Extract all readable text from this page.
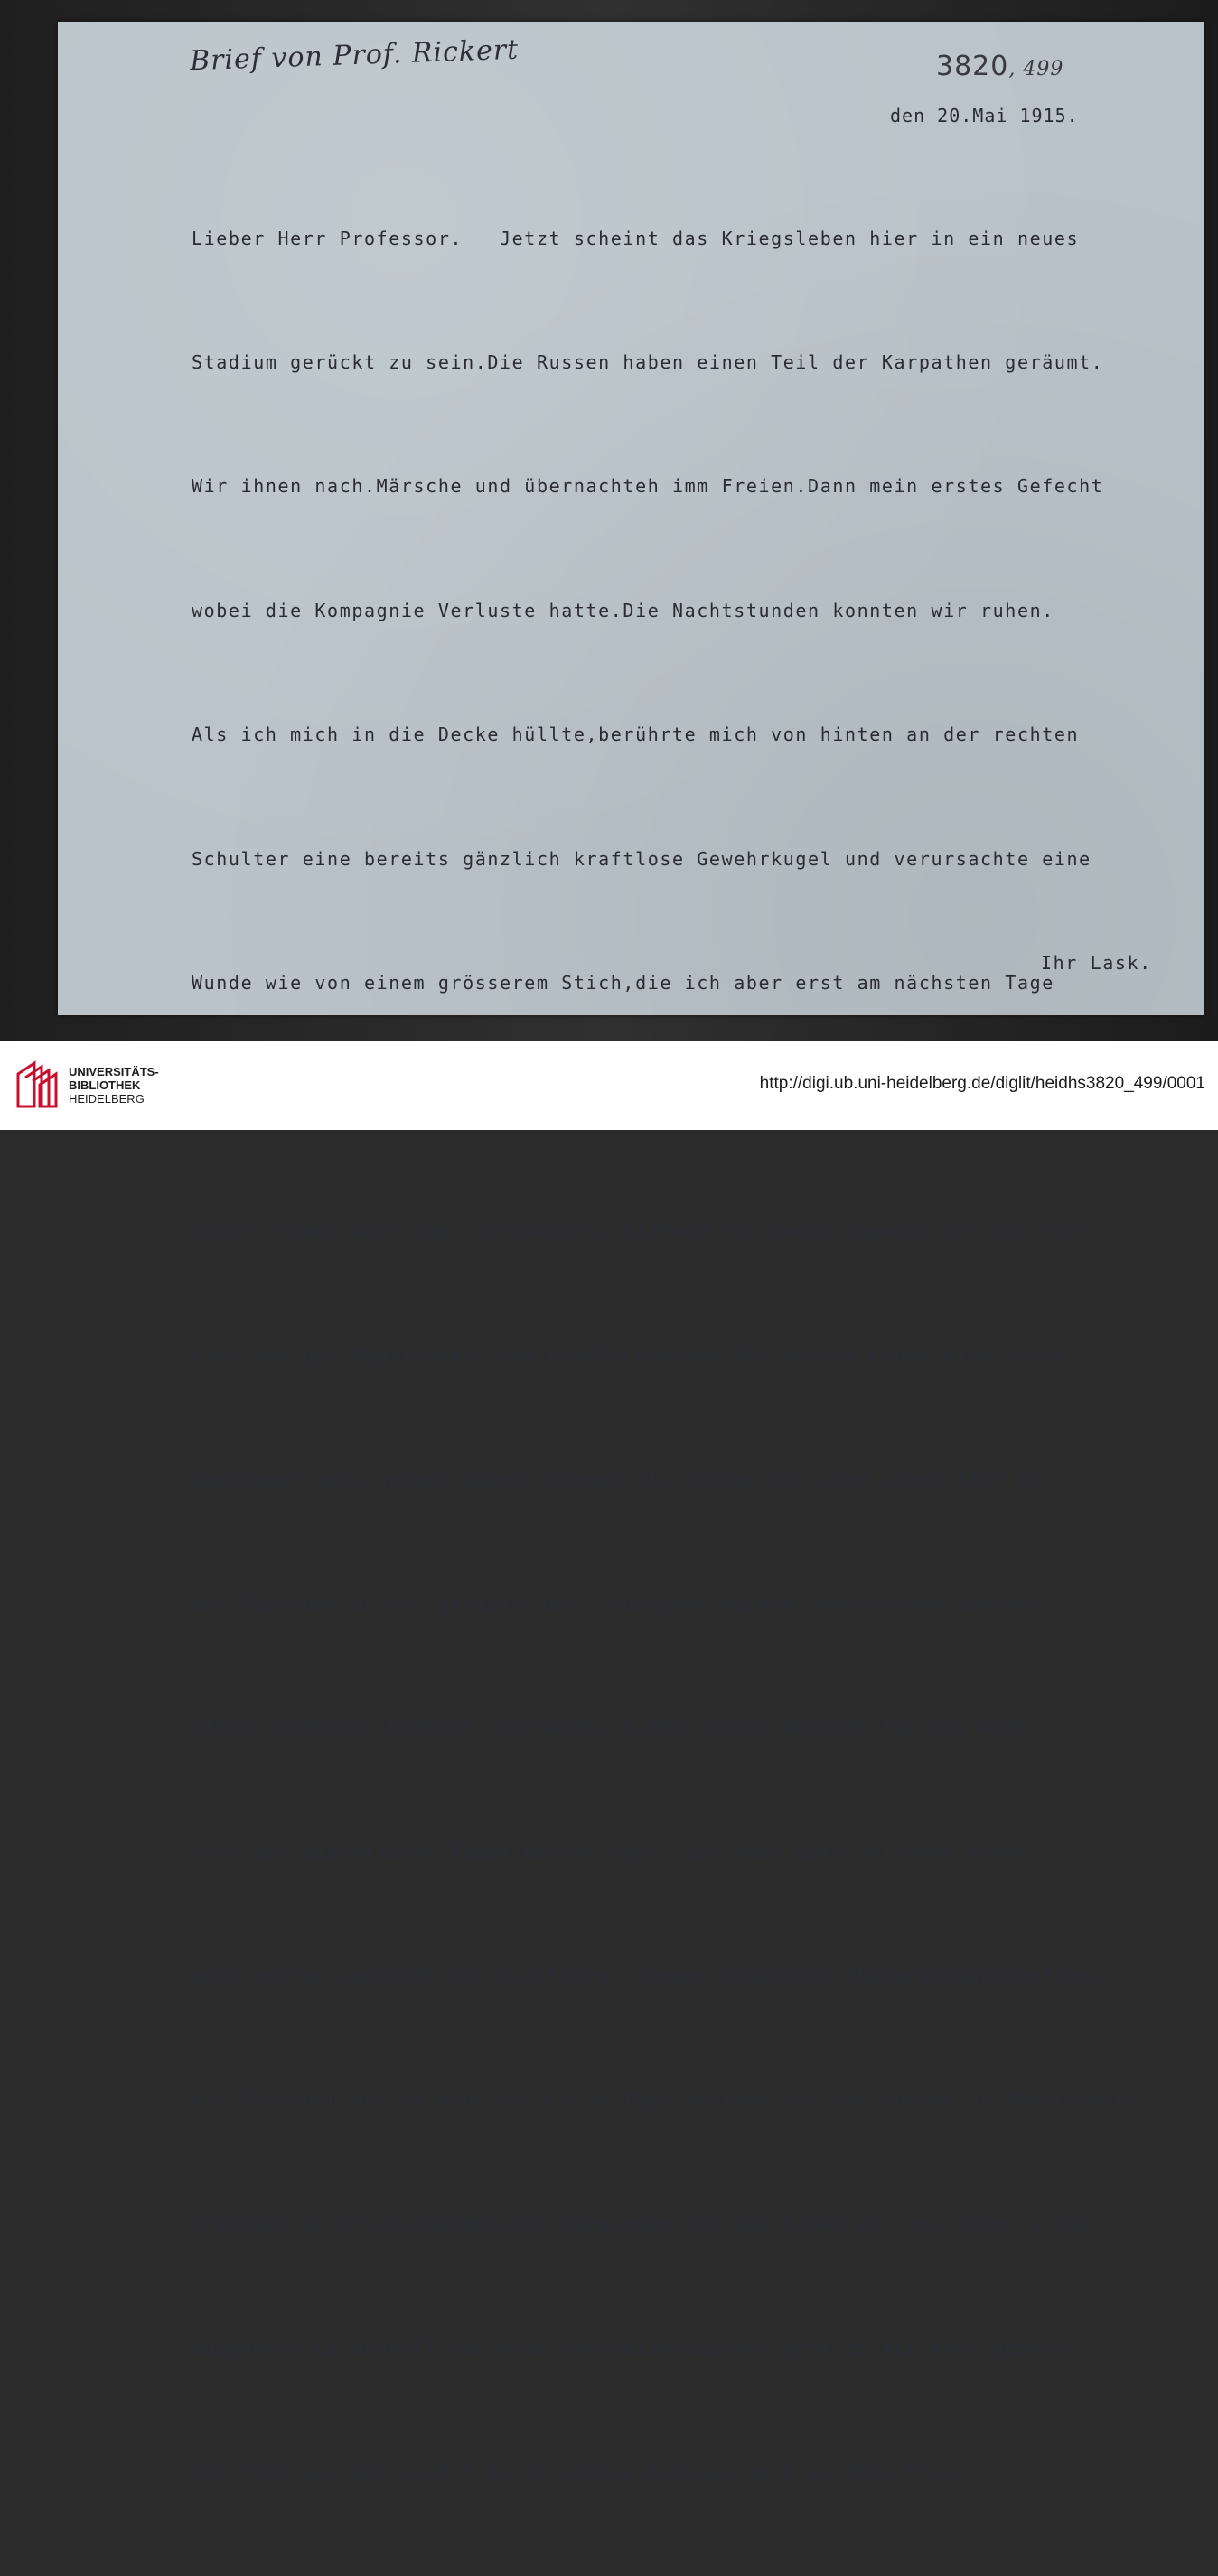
Brief von Prof. Rickert	3820, 499
den 20.Mai 1915.

Lieber Herr Professor.   Jetzt scheint das Kriegsleben hier in ein neues

Stadium gerückt zu sein.Die Russen haben einen Teil der Karpathen geräumt.

Wir ihnen nach.Märsche und übernachteh imm Freien.Dann mein erstes Gefecht

wobei die Kompagnie Verluste hatte.Die Nachtstunden konnten wir ruhen.

Als ich mich in die Decke hüllte,berührte mich von hinten an der rechten

Schulter eine bereits gänzlich kraftlose Gewehrkugel und verursachte eine

Wunde wie von einem grösserem Stich,die ich aber erst am nächsten Tage

nachts immer wach,tags teilweise schlafend.Ein wenig ungemütlich und noch

viel weniger Möglichkeit zum Briefschreiben als je.Das Leben wird jetzt

überhaupt ganz anders bewegt werden als früher.Wir sind schon fast in

der Tiefebne,in der galizischen, (übrigens meinem Geburtsland),Bisher

stets wunderbar behütet vom Geschick,aber jetzt beginnt für uns wohl

erst der eigentliche Kampf,bisher Idyll.Ich habe Gott sei Dank einen

sehr netten Leutnant als Zug-Führer,jungen Studenten (Naturwissenschaften)

Wir freunden uns an.Wenn sich's so fügt,schicke ich ihn später zu Ihnen/nach

Freiburg,da er philosophische Neigungen hat.Das haben wir uns schon alles

ausgemalt.Es dunkelt,ich muss schliessen.Bisher geht es mir auch gesund-

heitlich vorzüglich.Mit herzlichsten Grüssen auch an Ihre Frau

Ihr Lask.
UNIVERSITÄTS-
BIBLIOTHEK
HEIDELBERG
http://digi.ub.uni-heidelberg.de/diglit/heidhs3820_499/0001
